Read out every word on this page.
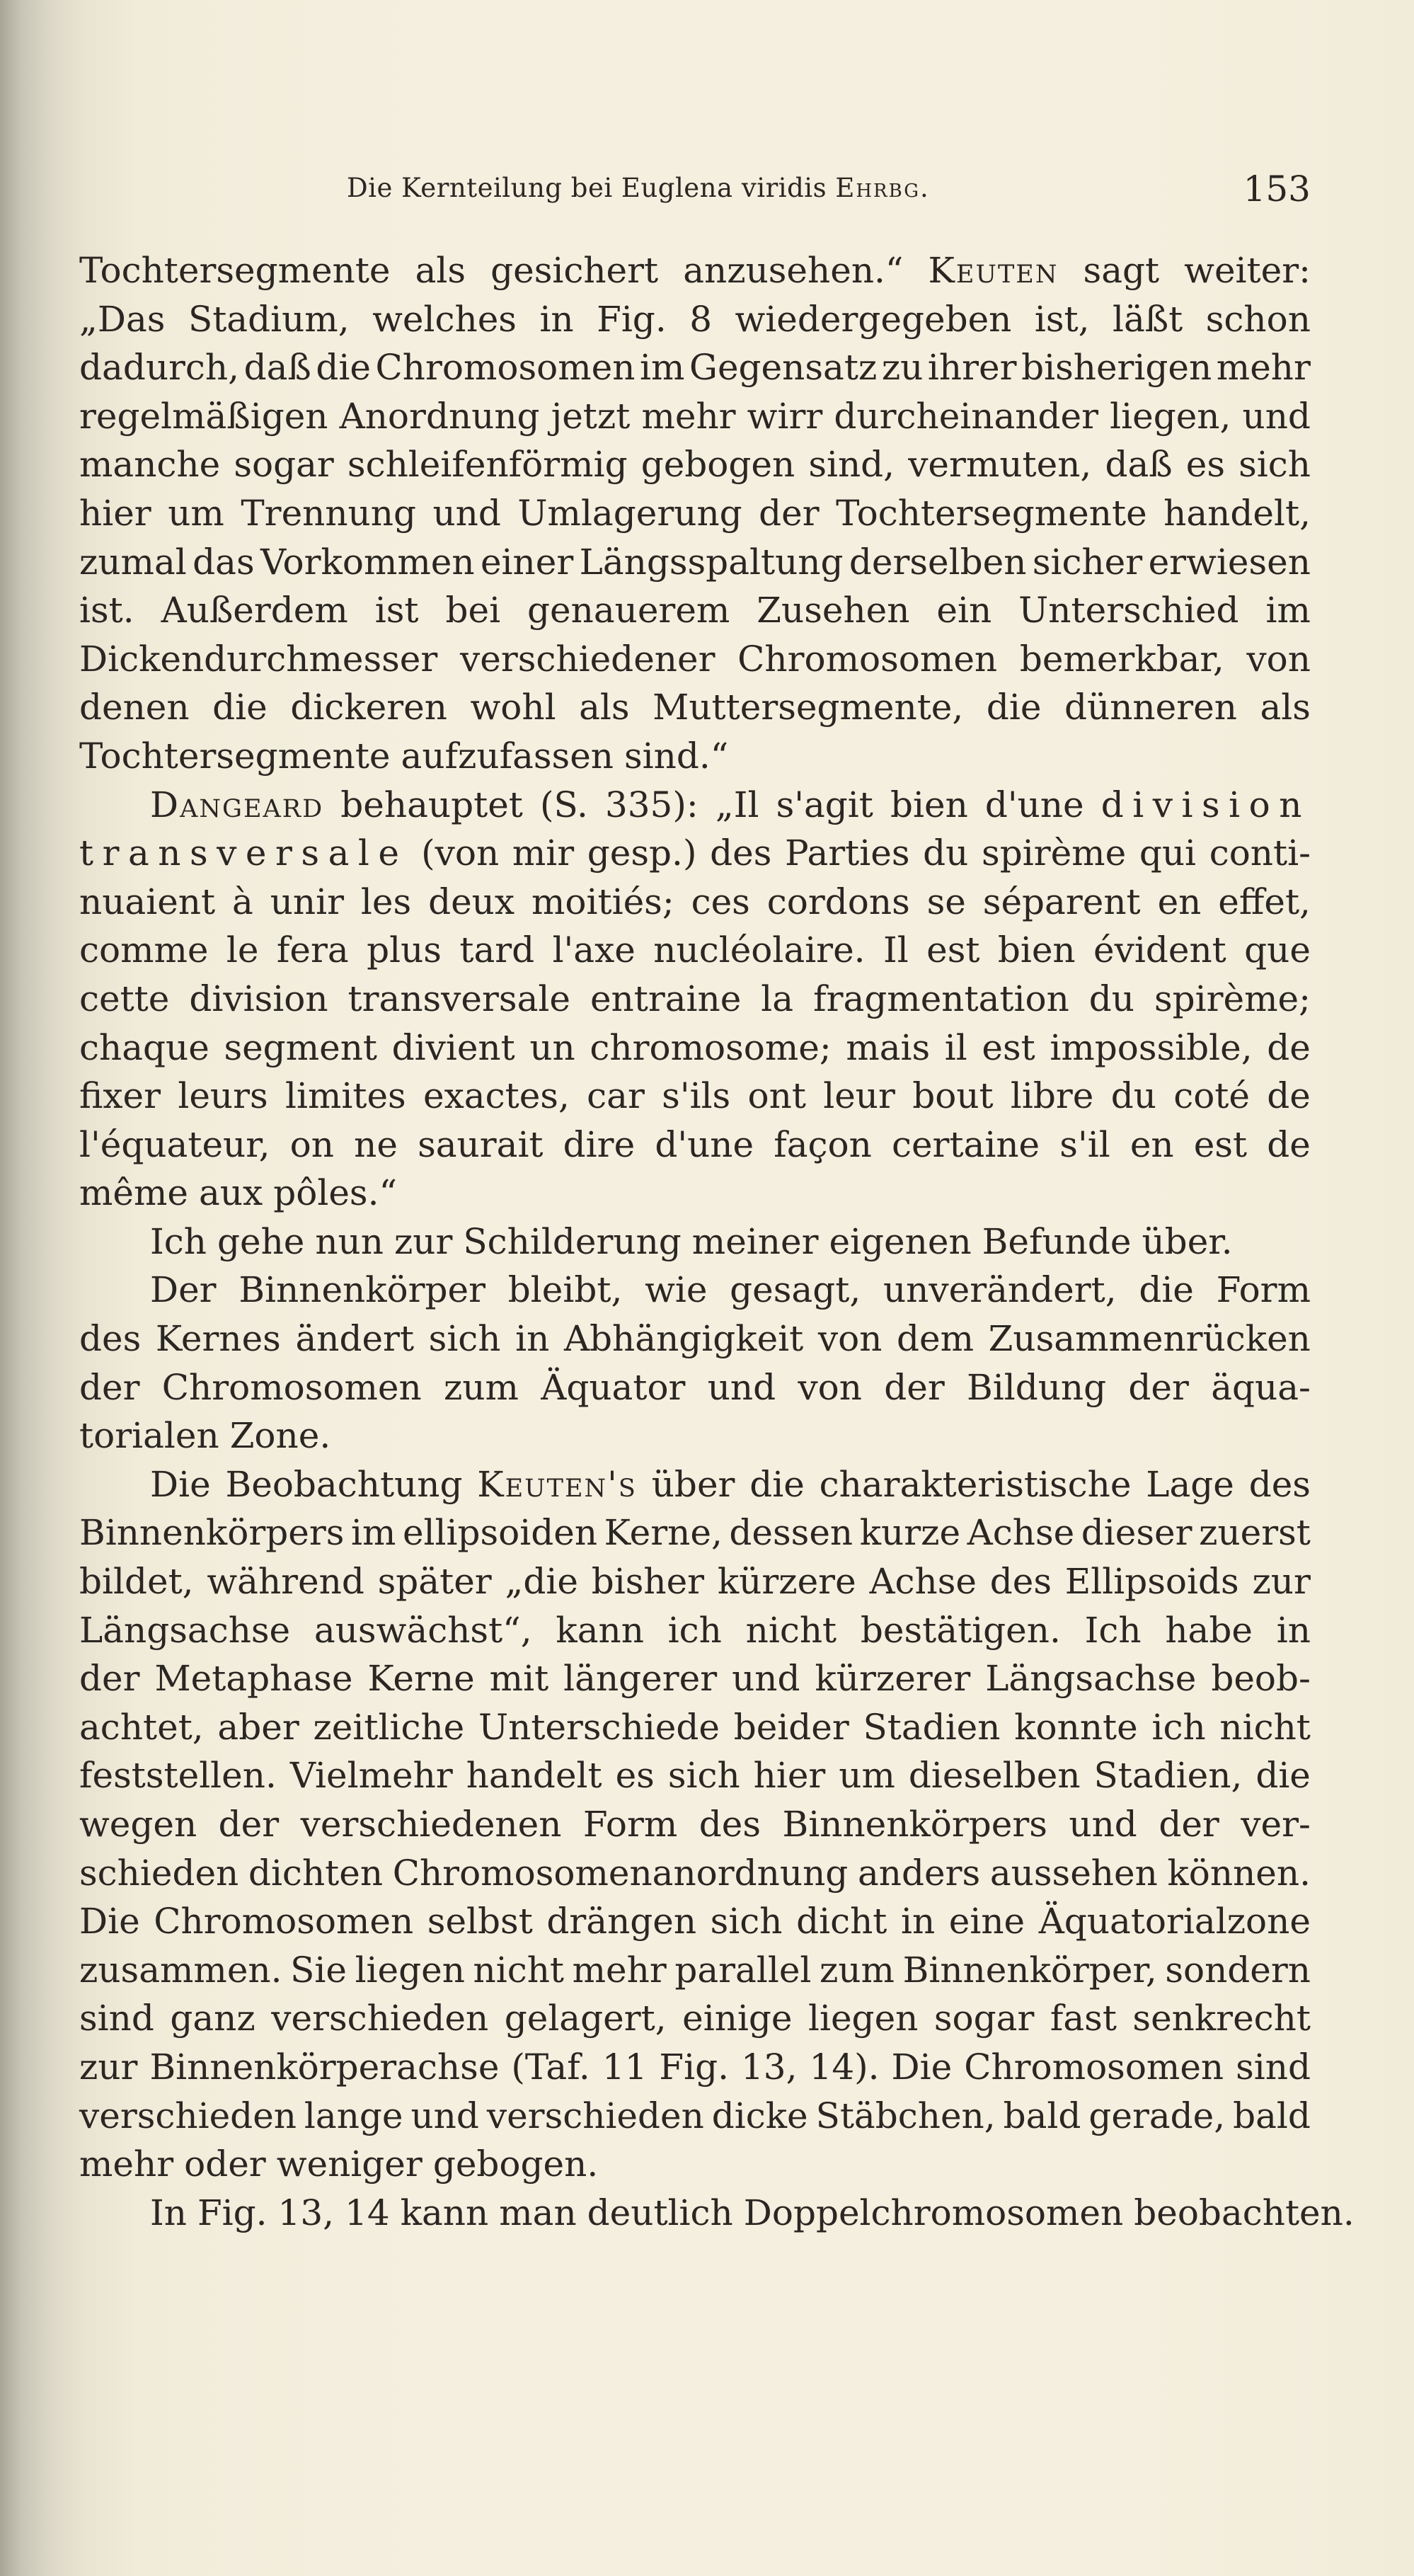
Die Kernteilung bei Euglena viridis Ehrbg.	153
Tochtersegmente als gesichert anzusehen.“ Keuten sagt weiter:
„Das Stadium, welches in Fig. 8 wiedergegeben ist, läßt schon
dadurch, daß die Chromosomen im Gegensatz zu ihrer bisherigen mehr
regelmäßigen Anordnung jetzt mehr wirr durcheinander liegen, und
manche sogar schleifenförmig gebogen sind, vermuten, daß es sich
hier um Trennung und Umlagerung der Tochtersegmente handelt,
zumal das Vorkommen einer Längsspaltung derselben sicher erwiesen
ist. Außerdem ist bei genauerem Zusehen ein Unterschied im
Dickendurchmesser verschiedener Chromosomen bemerkbar, von
denen die dickeren wohl als Muttersegmente, die dünneren als
Tochtersegmente aufzufassen sind.“
Dangeard behauptet (S. 335): „Il s'agit bien d'une division
transversale (von mir gesp.) des Parties du spirème qui conti-
nuaient à unir les deux moitiés; ces cordons se séparent en effet,
comme le fera plus tard l'axe nucléolaire. Il est bien évident que
cette division transversale entraine la fragmentation du spirème;
chaque segment divient un chromosome; mais il est impossible, de
fixer leurs limites exactes, car s'ils ont leur bout libre du coté de
l'équateur, on ne saurait dire d'une façon certaine s'il en est de
même aux pôles.“
Ich gehe nun zur Schilderung meiner eigenen Befunde über.
Der Binnenkörper bleibt, wie gesagt, unverändert, die Form
des Kernes ändert sich in Abhängigkeit von dem Zusammenrücken
der Chromosomen zum Äquator und von der Bildung der äqua-
torialen Zone.
Die Beobachtung Keuten's über die charakteristische Lage des
Binnenkörpers im ellipsoiden Kerne, dessen kurze Achse dieser zuerst
bildet, während später „die bisher kürzere Achse des Ellipsoids zur
Längsachse auswächst“, kann ich nicht bestätigen. Ich habe in
der Metaphase Kerne mit längerer und kürzerer Längsachse beob-
achtet, aber zeitliche Unterschiede beider Stadien konnte ich nicht
feststellen. Vielmehr handelt es sich hier um dieselben Stadien, die
wegen der verschiedenen Form des Binnenkörpers und der ver-
schieden dichten Chromosomenanordnung anders aussehen können.
Die Chromosomen selbst drängen sich dicht in eine Äquatorialzone
zusammen. Sie liegen nicht mehr parallel zum Binnenkörper, sondern
sind ganz verschieden gelagert, einige liegen sogar fast senkrecht
zur Binnenkörperachse (Taf. 11 Fig. 13, 14). Die Chromosomen sind
verschieden lange und verschieden dicke Stäbchen, bald gerade, bald
mehr oder weniger gebogen.
In Fig. 13, 14 kann man deutlich Doppelchromosomen beobachten.
